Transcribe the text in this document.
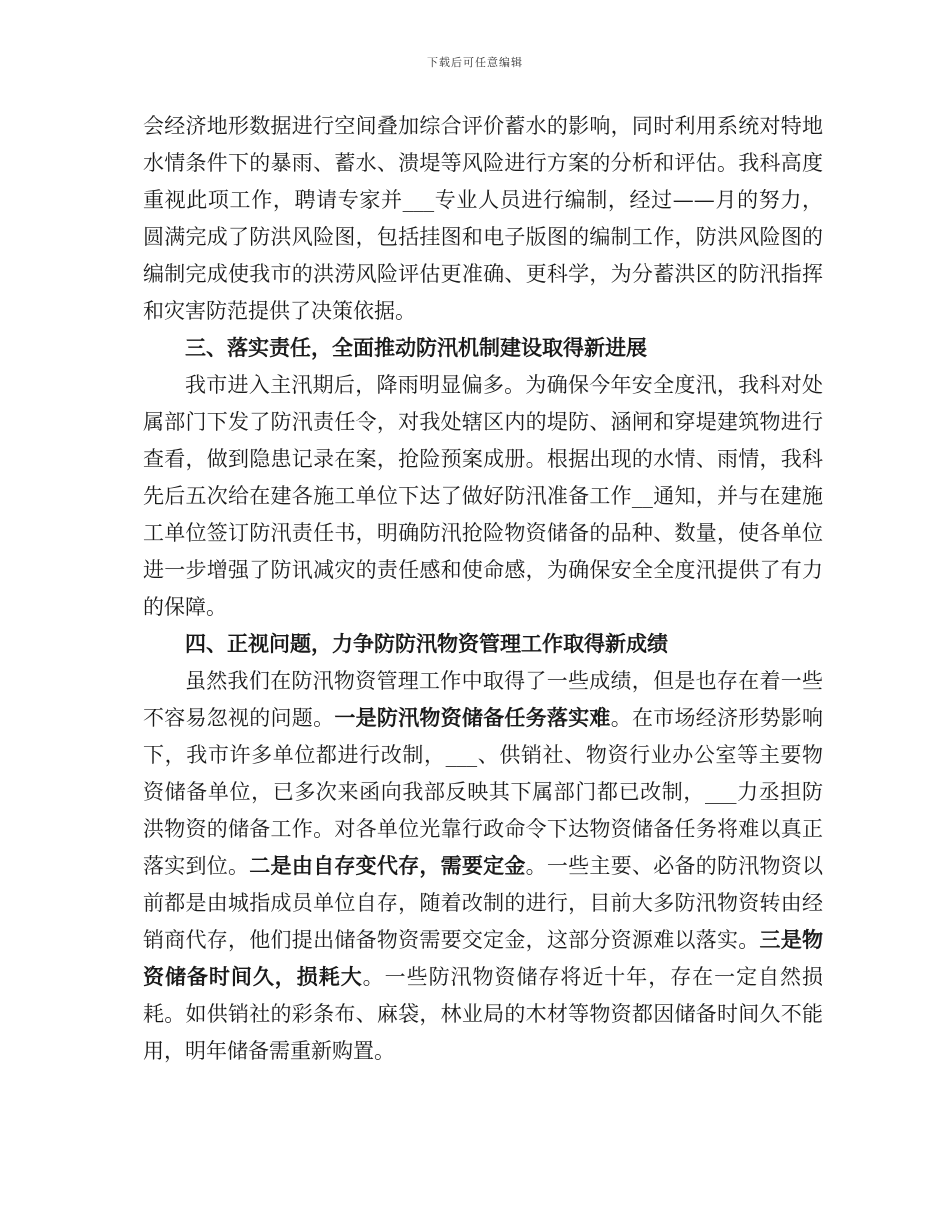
下载后可任意编辑

会经济地形数据进行空间叠加综合评价蓄水的影响，同时利用系统对特地水情条件下的暴雨、蓄水、溃堤等风险进行方案的分析和评估。我科高度重视此项工作，聘请专家并___专业人员进行编制，经过——月的努力，圆满完成了防洪风险图，包括挂图和电子版图的编制工作，防洪风险图的编制完成使我市的洪涝风险评估更准确、更科学，为分蓄洪区的防汛指挥和灾害防范提供了决策依据。

三、落实责任，全面推动防汛机制建设取得新进展

我市进入主汛期后，降雨明显偏多。为确保今年安全度汛，我科对处属部门下发了防汛责任令，对我处辖区内的堤防、涵闸和穿堤建筑物进行查看，做到隐患记录在案，抢险预案成册。根据出现的水情、雨情，我科先后五次给在建各施工单位下达了做好防汛准备工作__通知，并与在建施工单位签订防汛责任书，明确防汛抢险物资储备的品种、数量，使各单位进一步增强了防讯减灾的责任感和使命感，为确保安全全度汛提供了有力的保障。

四、正视问题，力争防防汛物资管理工作取得新成绩

虽然我们在防汛物资管理工作中取得了一些成绩，但是也存在着一些不容易忽视的问题。一是防汛物资储备任务落实难。在市场经济形势影响下，我市许多单位都进行改制，___、供销社、物资行业办公室等主要物资储备单位，已多次来函向我部反映其下属部门都已改制，___力丞担防洪物资的储备工作。对各单位光靠行政命令下达物资储备任务将难以真正落实到位。二是由自存变代存，需要定金。一些主要、必备的防汛物资以前都是由城指成员单位自存，随着改制的进行，目前大多防汛物资转由经销商代存，他们提出储备物资需要交定金，这部分资源难以落实。三是物资储备时间久，损耗大。一些防汛物资储存将近十年，存在一定自然损耗。如供销社的彩条布、麻袋，林业局的木材等物资都因储备时间久不能用，明年储备需重新购置。
